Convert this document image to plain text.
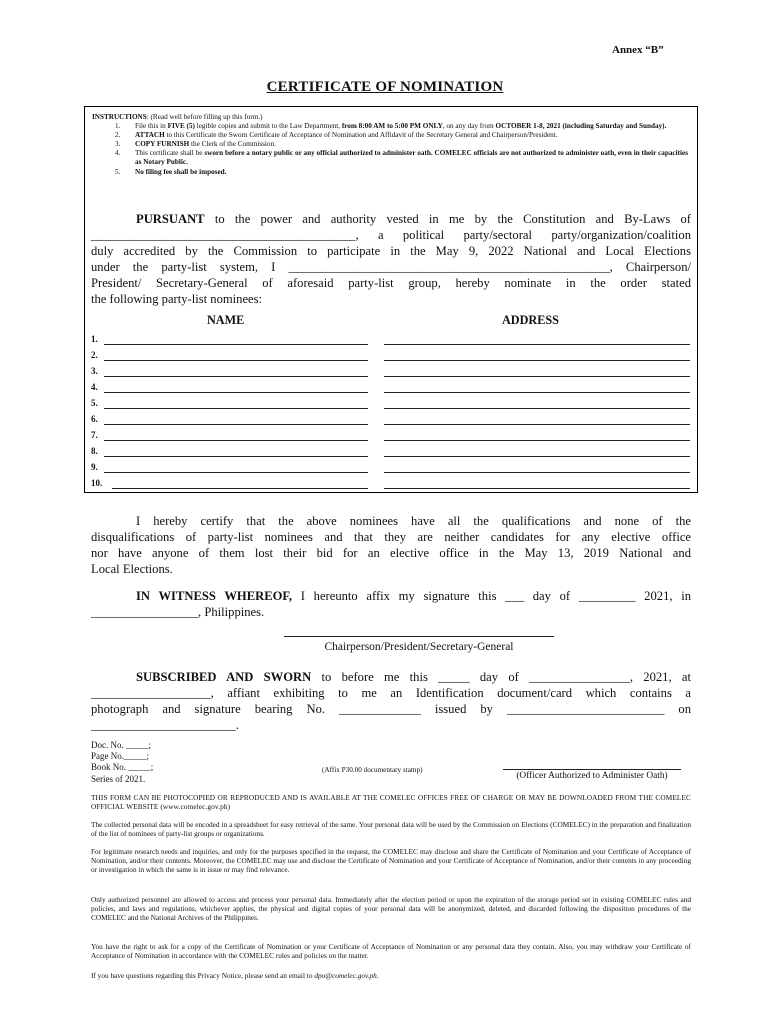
Annex “B”
CERTIFICATE OF NOMINATION
INSTRUCTIONS: (Read well before filling up this form.)
1. File this in FIVE (5) legible copies and submit to the Law Department, from 8:00 AM to 5:00 PM ONLY, on any day from OCTOBER 1-8, 2021 (including Saturday and Sunday).
2. ATTACH to this Certificate the Sworn Certificate of Acceptance of Nomination and Affidavit of the Secretary General and Chairperson/President.
3. COPY FURNISH the Clerk of the Commission.
4. This certificate shall be sworn before a notary public or any official authorized to administer oath. COMELEC officials are not authorized to administer oath, even in their capacities as Notary Public.
5. No filing fee shall be imposed.
PURSUANT to the power and authority vested in me by the Constitution and By-Laws of
__________________________________________, a political party/sectoral party/organization/coalition
duly accredited by the Commission to participate in the May 9, 2022 National and Local Elections
under the party-list system, I ___________________________________________________, Chairperson/
President/ Secretary-General of aforesaid party-list group, hereby nominate in the order stated
the following party-list nominees:
NAME	ADDRESS
1.
2.
3.
4.
5.
6.
7.
8.
9.
10.
I hereby certify that the above nominees have all the qualifications and none of the
disqualifications of party-list nominees and that they are neither candidates for any elective office
nor have anyone of them lost their bid for an elective office in the May 13, 2019 National and
Local Elections.
IN WITNESS WHEREOF, I hereunto affix my signature this ___ day of _________ 2021, in
_________________, Philippines.
Chairperson/President/Secretary-General
SUBSCRIBED AND SWORN to before me this _____ day of ________________, 2021, at
___________________, affiant exhibiting to me an Identification document/card which contains a
photograph and signature bearing No. _____________ issued by _________________________ on
_______________________.
Doc. No. _____;
Page No._____;
Book No. _____;
Series of 2021.
(Affix P30.00 documentary stamp)
(Officer Authorized to Administer Oath)
THIS FORM CAN BE PHOTOCOPIED OR REPRODUCED AND IS AVAILABLE AT THE COMELEC OFFICES FREE OF CHARGE OR MAY BE DOWNLOADED FROM THE COMELEC OFFICIAL WEBSITE (www.comelec.gov.ph)
The collected personal data will be encoded in a spreadsheet for easy retrieval of the same. Your personal data will be used by the Commission on Elections (COMELEC) in the preparation and finalization of the list of nominees of party-list groups or organizations.
For legitimate research needs and inquiries, and only for the purposes specified in the request, the COMELEC may disclose and share the Certificate of Nomination and your Certificate of Acceptance of Nomination, and/or their contents. Moreover, the COMELEC may use and disclose the Certificate of Nomination and your Certificate of Acceptance of Nomination, and/or their contents in any proceeding or investigation in which the same is in issue or may find relevance.
Only authorized personnel are allowed to access and process your personal data. Immediately after the election period or upon the expiration of the storage period set in existing COMELEC rules and policies, and laws and regulations, whichever applies, the physical and digital copies of your personal data will be anonymized, deleted, and discarded following the disposition procedures of the COMELEC and the National Archives of the Philippines.
You have the right to ask for a copy of the Certificate of Nomination or your Certificate of Acceptance of Nomination or any personal data they contain. Also, you may withdraw your Certificate of Acceptance of Nomination in accordance with the COMELEC rules and policies on the matter.
If you have questions regarding this Privacy Notice, please send an email to dpo@comelec.gov.ph.
